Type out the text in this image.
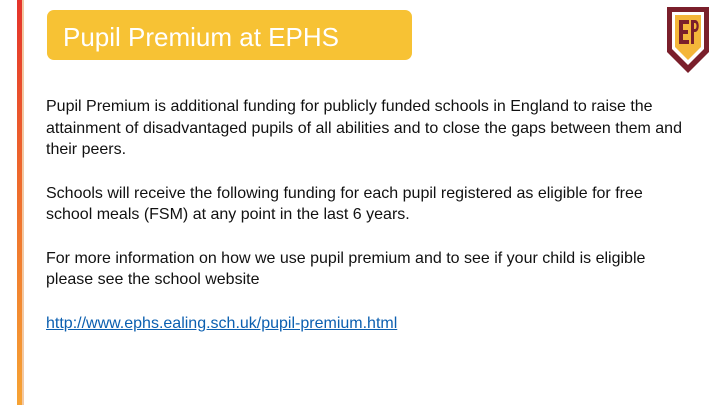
Pupil Premium at EPHS

Pupil Premium is additional funding for publicly funded schools in England to raise the attainment of disadvantaged pupils of all abilities and to close the gaps between them and their peers.

Schools will receive the following funding for each pupil registered as eligible for free school meals (FSM) at any point in the last 6 years.

For more information on how we use pupil premium and to see if your child is eligible please see the school website

http://www.ephs.ealing.sch.uk/pupil-premium.html
